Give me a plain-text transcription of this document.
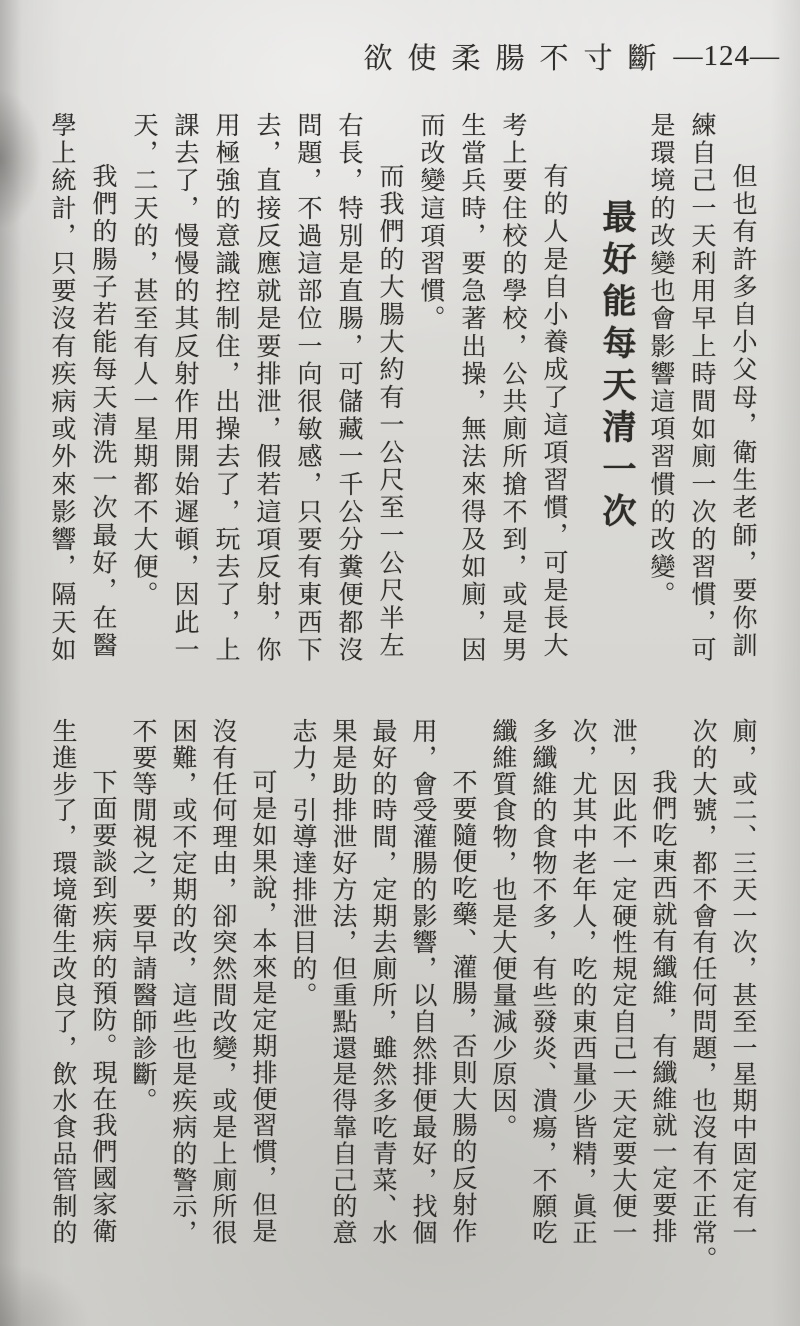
欲使柔腸不寸斷 —124—
但也有許多自小父母，衛生老師，要你訓
練自己一天利用早上時間如廁一次的習慣，可
是環境的改變也會影響這項習慣的改變。
最好能每天清一次
有的人是自小養成了這項習慣，可是長大
考上要住校的學校，公共廁所搶不到，或是男
生當兵時，要急著出操，無法來得及如廁，因
而改變這項習慣。
而我們的大腸大約有一公尺至一公尺半左
右長，特別是直腸，可儲藏一千公分糞便都沒
問題，不過這部位一向很敏感，只要有東西下
去，直接反應就是要排泄，假若這項反射，你
用極強的意識控制住，出操去了，玩去了，上
課去了，慢慢的其反射作用開始遲頓，因此一
天，二天的，甚至有人一星期都不大便。
我們的腸子若能每天清洗一次最好，在醫
學上統計，只要沒有疾病或外來影響，隔天如
廁，或二、三天一次，甚至一星期中固定有一
次的大號，都不會有任何問題，也沒有不正常。
我們吃東西就有纖維，有纖維就一定要排
泄，因此不一定硬性規定自己一天定要大便一
次，尤其中老年人，吃的東西量少皆精，眞正
多纖維的食物不多，有些發炎、潰瘍，不願吃
纖維質食物，也是大便量減少原因。
不要隨便吃藥、灌腸，否則大腸的反射作
用，會受灌腸的影響，以自然排便最好，找個
最好的時間，定期去廁所，雖然多吃青菜、水
果是助排泄好方法，但重點還是得靠自己的意
志力，引導達排泄目的。
可是如果說，本來是定期排便習慣，但是
沒有任何理由，卻突然間改變，或是上廁所很
困難，或不定期的改，這些也是疾病的警示，
不要等閒視之，要早請醫師診斷。
下面要談到疾病的預防。現在我們國家衛
生進步了，環境衛生改良了，飲水食品管制的
